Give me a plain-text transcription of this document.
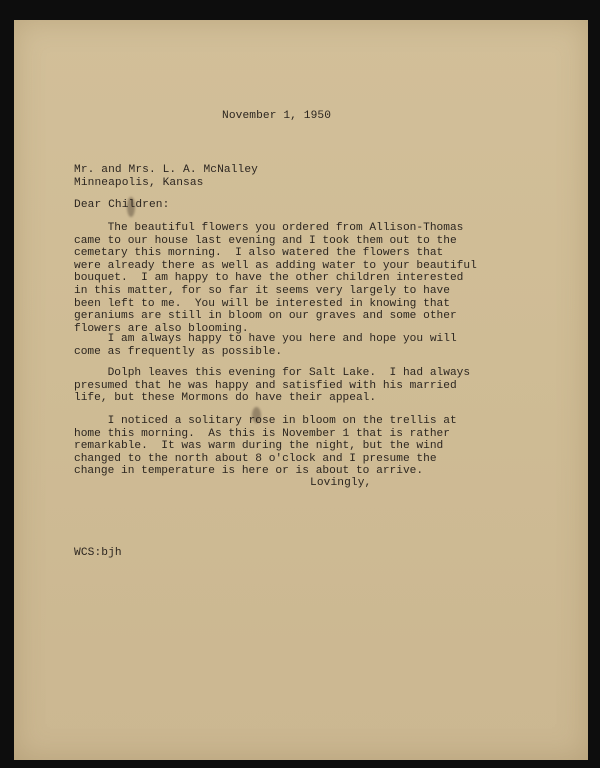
November 1, 1950
Mr. and Mrs. L. A. McNalley
Minneapolis, Kansas
Dear Children:
The beautiful flowers you ordered from Allison-Thomas
came to our house last evening and I took them out to the
cemetary this morning.  I also watered the flowers that
were already there as well as adding water to your beautiful
bouquet.  I am happy to have the other children interested
in this matter, for so far it seems very largely to have
been left to me.  You will be interested in knowing that
geraniums are still in bloom on our graves and some other
flowers are also blooming.
I am always happy to have you here and hope you will
come as frequently as possible.
Dolph leaves this evening for Salt Lake.  I had always
presumed that he was happy and satisfied with his married
life, but these Mormons do have their appeal.
I noticed a solitary rose in bloom on the trellis at
home this morning.  As this is November 1 that is rather
remarkable.  It was warm during the night, but the wind
changed to the north about 8 o'clock and I presume the
change in temperature is here or is about to arrive.
Lovingly,
WCS:bjh
